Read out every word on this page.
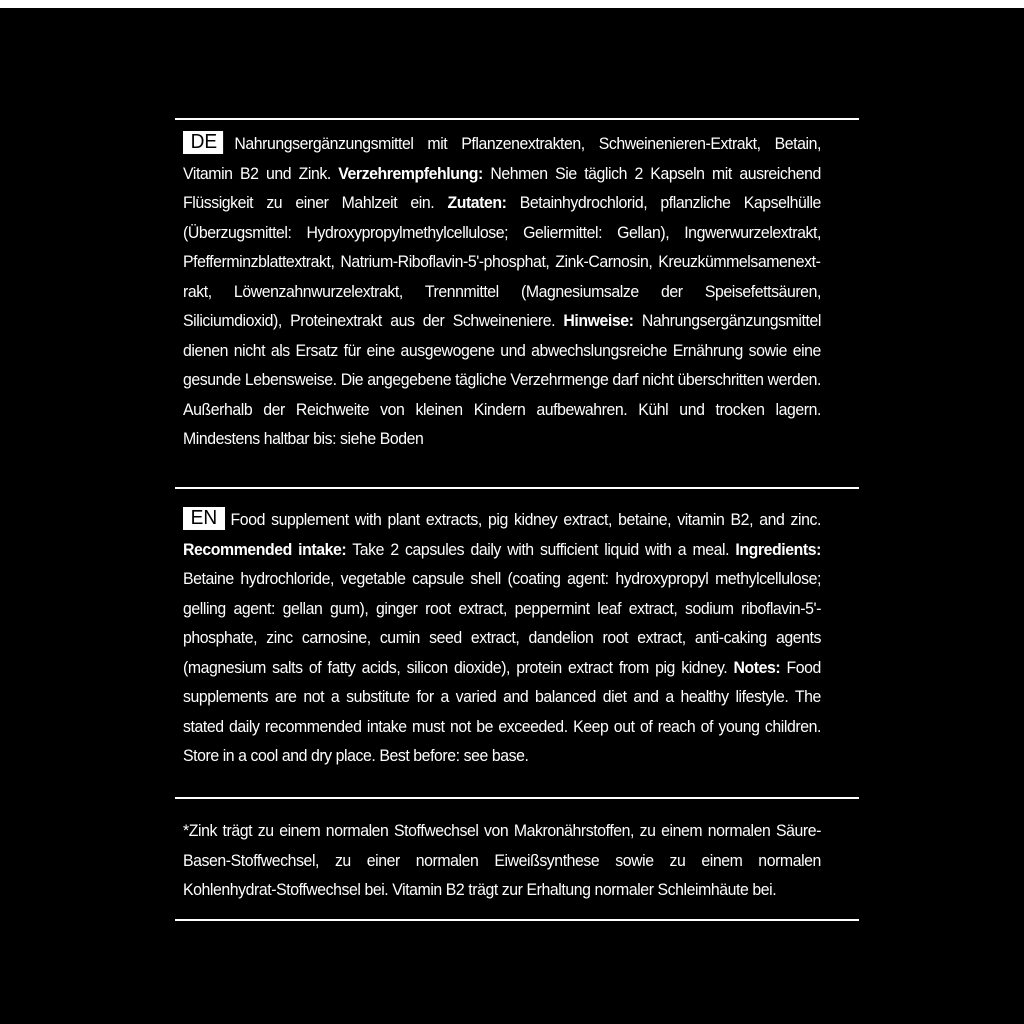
DE Nahrungsergänzungsmittel mit Pflanzenextrakten, Schweinenieren-Extrakt, Betain, Vitamin B2 und Zink. Verzehrempfehlung: Nehmen Sie täglich 2 Kapseln mit ausreichend Flüssigkeit zu einer Mahlzeit ein. Zutaten: Betainhydrochlorid, pflanzliche Kapselhülle (Überzugsmittel: Hydroxypropylmethylcellulose; Geliermittel: Gellan), Ingwerwurzelextrakt, Pfefferminzblattextrakt, Natrium-Riboflavin-5'-phosphat, Zink-Carnosin, Kreuzkümmelsamenextrakt, Löwenzahnwurzelextrakt, Trennmittel (Magnesiumsalze der Speisefettsäuren, Siliciumdioxid), Proteinextrakt aus der Schweineniere. Hinweise: Nahrungsergänzungsmittel dienen nicht als Ersatz für eine ausgewogene und abwechslungsreiche Ernährung sowie eine gesunde Lebensweise. Die angegebene tägliche Verzehrmenge darf nicht überschritten werden. Außerhalb der Reichweite von kleinen Kindern aufbewahren. Kühl und trocken lagern. Mindestens haltbar bis: siehe Boden
EN Food supplement with plant extracts, pig kidney extract, betaine, vitamin B2, and zinc. Recommended intake: Take 2 capsules daily with sufficient liquid with a meal. Ingredients: Betaine hydrochloride, vegetable capsule shell (coating agent: hydroxypropyl methylcellulose; gelling agent: gellan gum), ginger root extract, peppermint leaf extract, sodium riboflavin-5'-phosphate, zinc carnosine, cumin seed extract, dandelion root extract, anti-caking agents (magnesium salts of fatty acids, silicon dioxide), protein extract from pig kidney. Notes: Food supplements are not a substitute for a varied and balanced diet and a healthy lifestyle. The stated daily recommended intake must not be exceeded. Keep out of reach of young children. Store in a cool and dry place. Best before: see base.
*Zink trägt zu einem normalen Stoffwechsel von Makronährstoffen, zu einem normalen Säure-Basen-Stoffwechsel, zu einer normalen Eiweißsynthese sowie zu einem normalen Kohlenhydrat-Stoffwechsel bei. Vitamin B2 trägt zur Erhaltung normaler Schleimhäute bei.
